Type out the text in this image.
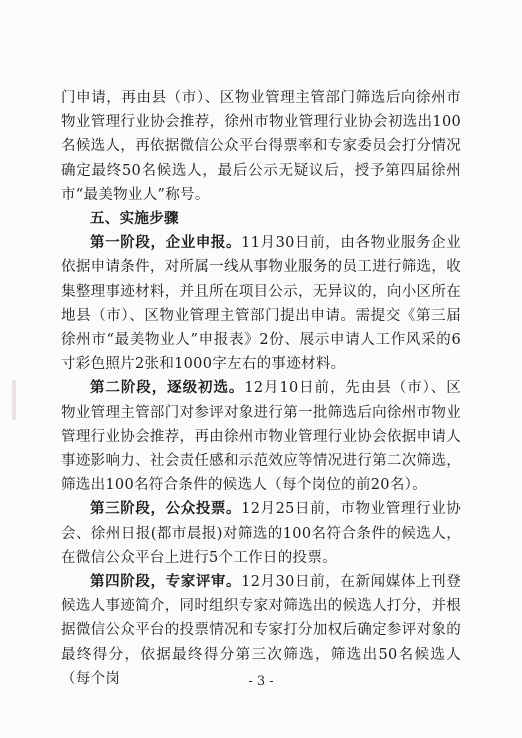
门申请，再由县（市）、区物业管理主管部门筛选后向徐州市物业管理行业协会推荐，徐州市物业管理行业协会初选出100名候选人，再依据微信公众平台得票率和专家委员会打分情况确定最终50名候选人，最后公示无疑议后，授予第四届徐州市“最美物业人”称号。

五、实施步骤

第一阶段，企业申报。11月30日前，由各物业服务企业依据申请条件，对所属一线从事物业服务的员工进行筛选，收集整理事迹材料，并且所在项目公示，无异议的，向小区所在地县（市）、区物业管理主管部门提出申请。需提交《第三届徐州市“最美物业人”申报表》2份、展示申请人工作风采的6寸彩色照片2张和1000字左右的事迹材料。

第二阶段，逐级初选。12月10日前，先由县（市）、区物业管理主管部门对参评对象进行第一批筛选后向徐州市物业管理行业协会推荐，再由徐州市物业管理行业协会依据申请人事迹影响力、社会责任感和示范效应等情况进行第二次筛选，筛选出100名符合条件的候选人（每个岗位的前20名）。

第三阶段，公众投票。12月25日前，市物业管理行业协会、徐州日报(都市晨报)对筛选的100名符合条件的候选人，在微信公众平台上进行5个工作日的投票。

第四阶段，专家评审。12月30日前，在新闻媒体上刊登候选人事迹简介，同时组织专家对筛选出的候选人打分，并根据微信公众平台的投票情况和专家打分加权后确定参评对象的最终得分，依据最终得分第三次筛选，筛选出50名候选人（每个岗	- 3 -
